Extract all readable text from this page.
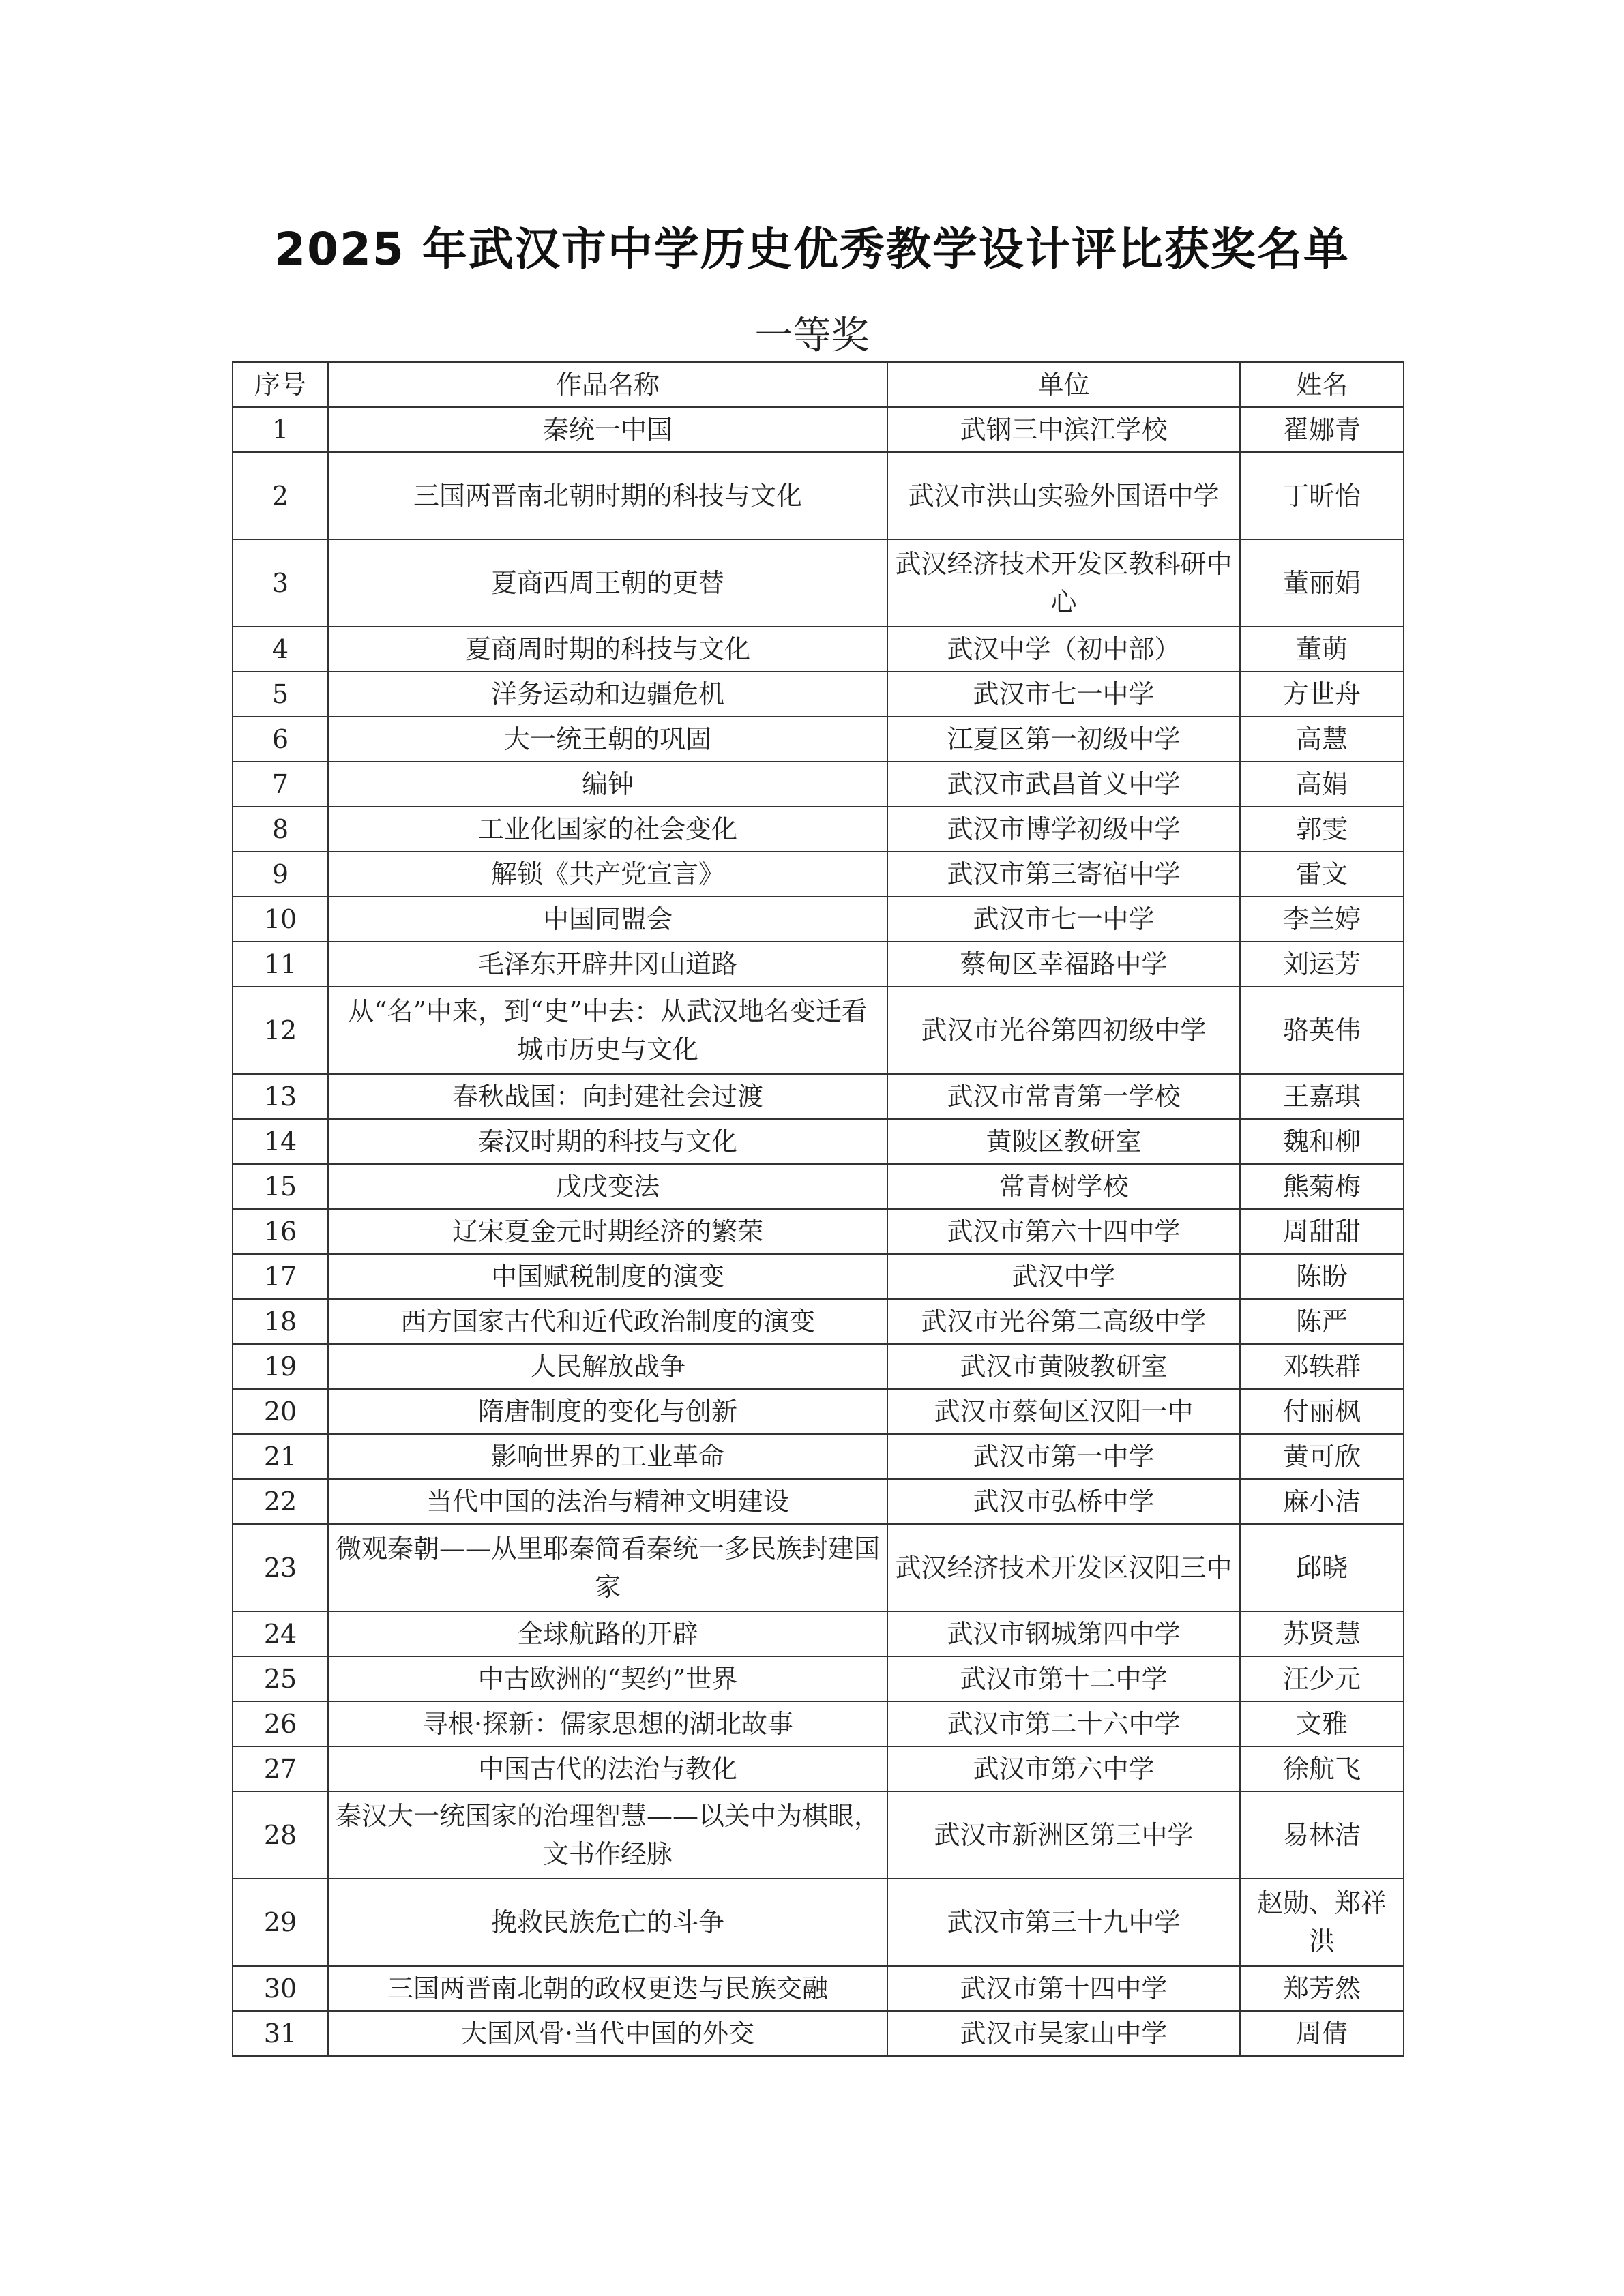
2025 年武汉市中学历史优秀教学设计评比获奖名单
一等奖
序号	作品名称	单位	姓名
1	秦统一中国	武钢三中滨江学校	翟娜青
2	三国两晋南北朝时期的科技与文化	武汉市洪山实验外国语中学	丁昕怡
3	夏商西周王朝的更替	武汉经济技术开发区教科研中心	董丽娟
4	夏商周时期的科技与文化	武汉中学（初中部）	董萌
5	洋务运动和边疆危机	武汉市七一中学	方世舟
6	大一统王朝的巩固	江夏区第一初级中学	高慧
7	编钟	武汉市武昌首义中学	高娟
8	工业化国家的社会变化	武汉市博学初级中学	郭雯
9	解锁《共产党宣言》	武汉市第三寄宿中学	雷文
10	中国同盟会	武汉市七一中学	李兰婷
11	毛泽东开辟井冈山道路	蔡甸区幸福路中学	刘运芳
12	从“名”中来，到“史”中去：从武汉地名变迁看城市历史与文化	武汉市光谷第四初级中学	骆英伟
13	春秋战国：向封建社会过渡	武汉市常青第一学校	王嘉琪
14	秦汉时期的科技与文化	黄陂区教研室	魏和柳
15	戊戌变法	常青树学校	熊菊梅
16	辽宋夏金元时期经济的繁荣	武汉市第六十四中学	周甜甜
17	中国赋税制度的演变	武汉中学	陈盼
18	西方国家古代和近代政治制度的演变	武汉市光谷第二高级中学	陈严
19	人民解放战争	武汉市黄陂教研室	邓轶群
20	隋唐制度的变化与创新	武汉市蔡甸区汉阳一中	付丽枫
21	影响世界的工业革命	武汉市第一中学	黄可欣
22	当代中国的法治与精神文明建设	武汉市弘桥中学	麻小洁
23	微观秦朝——从里耶秦简看秦统一多民族封建国家	武汉经济技术开发区汉阳三中	邱晓
24	全球航路的开辟	武汉市钢城第四中学	苏贤慧
25	中古欧洲的“契约”世界	武汉市第十二中学	汪少元
26	寻根·探新：儒家思想的湖北故事	武汉市第二十六中学	文雅
27	中国古代的法治与教化	武汉市第六中学	徐航飞
28	秦汉大一统国家的治理智慧——以关中为棋眼，文书作经脉	武汉市新洲区第三中学	易林洁
29	挽救民族危亡的斗争	武汉市第三十九中学	赵勋、郑祥洪
30	三国两晋南北朝的政权更迭与民族交融	武汉市第十四中学	郑芳然
31	大国风骨·当代中国的外交	武汉市吴家山中学	周倩
